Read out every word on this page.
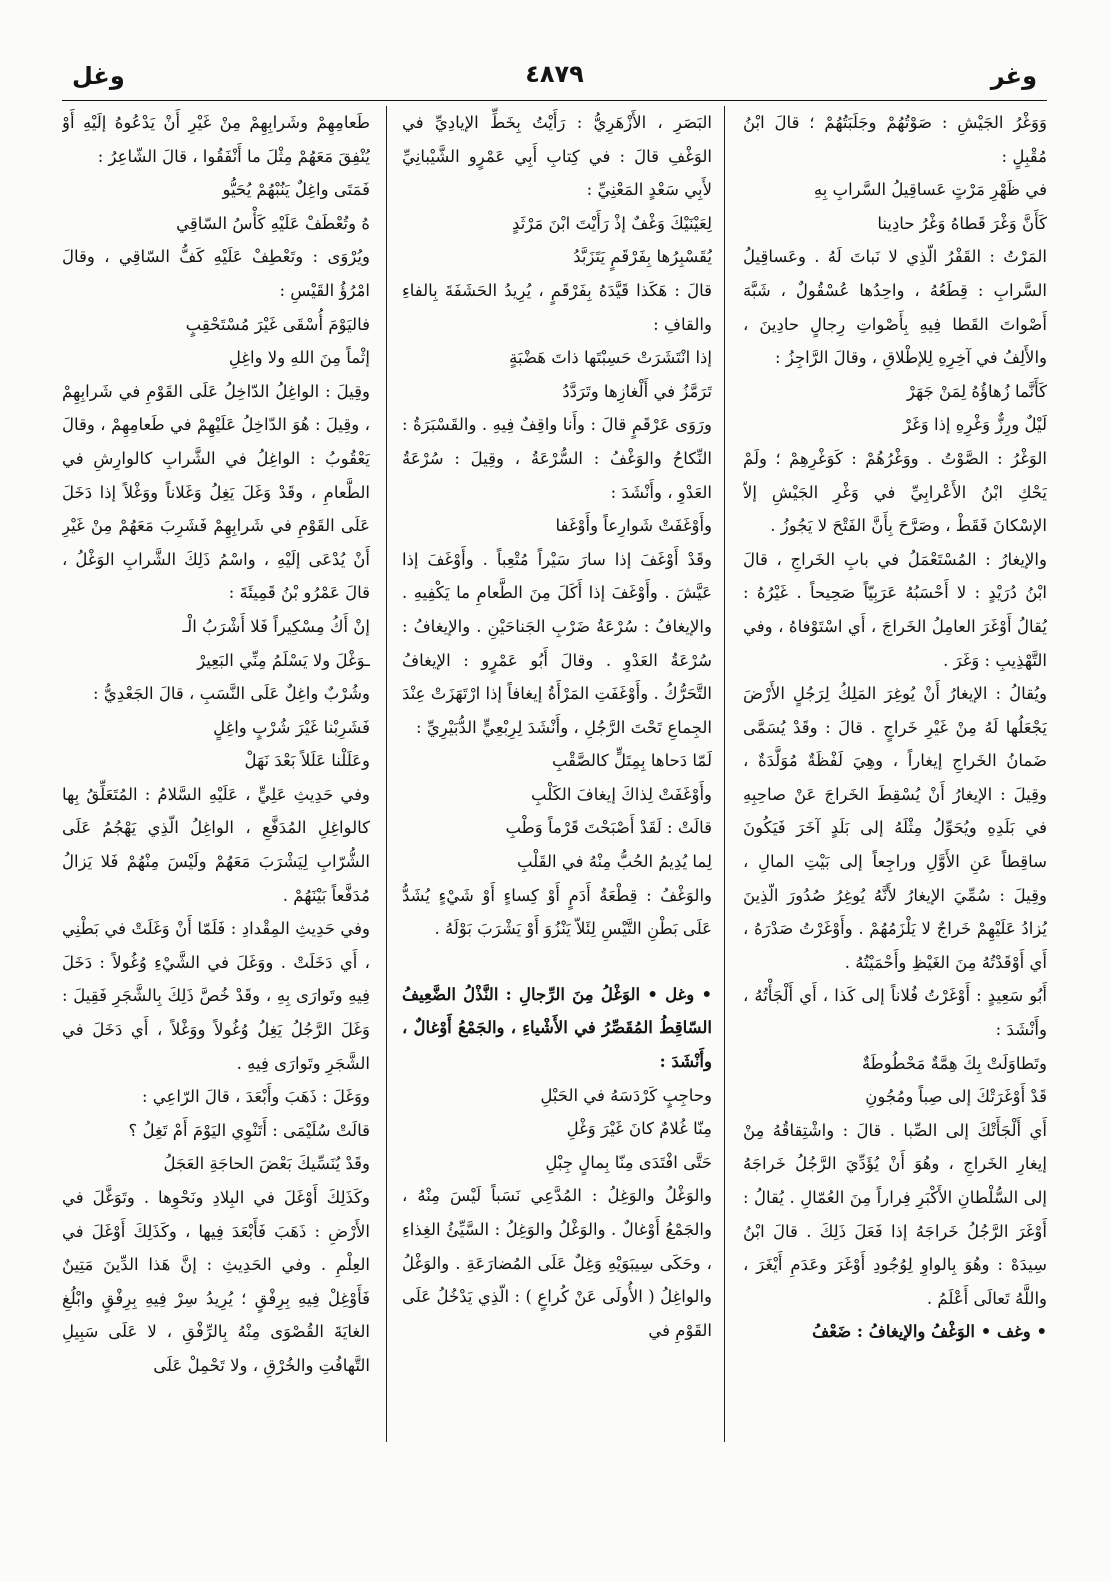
وغل	٤٨٧٩	وغر

وَوَغْرُ الجَيْشِ : صَوْتُهُمْ وجَلَبَتُهُمْ ؛ قالَ ابْنُ مُقْبِلٍ :

في ظَهْرِ مَرْتٍ عَساقِيلُ السَّرابِ بِهِ

كَأَنَّ وَغْرَ قَطاهُ وَغْرُ حادِينا

المَرْتُ : القَفْرُ الّذِي لا نَباتَ لَهُ . وعَساقِيلُ السَّرابِ : قِطَعُهُ ، واحِدُها عُسْقُولٌ ، شَبَّهَ أَصْواتَ القَطا فِيهِ بِأَصْواتِ رِجالٍ حادِينَ ، والأَلِفُ في آخِرِهِ لِلإطْلاقِ ، وقالَ الرَّاجِزُ :

كَأَنَّما زُهاؤُهُ لِمَنْ جَهَرْ

لَيْلٌ ورِزٌّ وَغْرِهِ إذا وَغَرْ

الوَغْرُ : الصَّوْتُ . ووَغْرُهُمْ : كَوَغْرِهِمْ ؛ ولَمْ يَحْكِ ابْنُ الأَعْرابِيِّ في وَغْرِ الجَيْشِ إلاّ الإسْكانَ فَقَطْ ، وصَرَّحَ بِأَنَّ الفَتْحَ لا يَجُوزُ .

والإيغارُ : المُسْتَعْمَلُ في بابِ الخَراجِ ، قالَ ابْنُ دُرَيْدٍ : لا أَحْسَبُهُ عَرَبِيّاً صَحِيحاً . غَيْرُهُ : يُقالُ أَوْغَرَ العامِلُ الخَراجَ ، أَي اسْتَوْفاهُ ، وفي التَّهْذِيبِ : وَغَرَ .

ويُقالُ : الإيغارُ أَنْ يُوغِرَ المَلِكُ لِرَجُلٍ الأَرْضَ يَجْعَلُها لَهُ مِنْ غَيْرِ خَراجٍ . قالَ : وقَدْ يُسَمَّى ضَمانُ الخَراجِ إيغاراً ، وهِيَ لَفْظَةٌ مُوَلَّدَةٌ ، وقِيلَ : الإيغارُ أَنْ يُسْقِطَ الخَراجَ عَنْ صاحِبِهِ في بَلَدِهِ ويُحَوِّلُ مِثْلَهُ إلى بَلَدٍ آخَرَ فَيَكُونَ ساقِطاً عَنِ الأَوَّلِ وراجِعاً إلى بَيْتِ المالِ ، وقِيلَ : سُمِّيَ الإيغارُ لأَنَّهُ يُوغِرُ صُدُورَ الّذِينَ يُزادُ عَلَيْهِمْ خَراجٌ لا يَلْزَمُهُمْ . وأَوْغَرْتُ صَدْرَهُ ، أَي أَوْقَدْتُهُ مِنَ الغَيْظِ وأَحْمَيْتُهُ .

أَبُو سَعِيدٍ : أَوْغَرْتُ فُلاناً إلى كَذا ، أَي أَلْجَأْتُهُ ، وأَنْشَدَ :

وتَطاوَلَتْ بِكَ هِمَّةٌ مَحْطُوطَةٌ

قَدْ أَوْغَرَتْكَ إلى صِباً ومُجُونِ

أَي أَلْجَأَتْكَ إلى الصِّبا . قالَ : واشْتِقاقُهُ مِنْ إيغارِ الخَراجِ ، وهُوَ أَنْ يُؤَدِّيَ الرَّجُلُ خَراجَهُ إلى السُّلْطانِ الأَكْبَرِ فِراراً مِنَ العُمّالِ . يُقالُ : أَوْغَرَ الرَّجُلُ خَراجَهُ إذا فَعَلَ ذَلِكَ . قالَ ابْنُ سِيدَهْ : وهُوَ بِالواوِ لِوُجُودِ أَوْغَرَ وعَدَمِ أَيْغَرَ ، واللَّهُ تَعالَى أَعْلَمُ .

• وغف • الوَغْفُ والإيغافُ : ضَعْفُ

البَصَرِ ، الأَزْهَرِيُّ : رَأَيْتُ بِخَطِّ الإيادِيِّ في الوَغْفِ قالَ : في كِتابِ أَبِي عَمْرٍو الشَّيْبانِيِّ لأَبِي سَعْدٍ المَعْنِيِّ :

لِعَيْنَيْكَ وَغْفٌ إذْ رَأَيْتَ ابْنَ مَرْثَدٍ

يُقَسْبِرُها بِفَرْقَمٍ يَتَزَبَّدُ

قالَ : هَكَذا قَيَّدَهُ بِفَرْقَمٍ ، يُرِيدُ الحَشَفَةَ بِالفاءِ والقافِ :

إذا انْتَشَرَتْ حَسِبْتَها ذاتَ هَضْبَةٍ

تَرَمَّزُ في أَلْغازِها وتَرَدَّدُ

ورَوَى عَرْقَمٍ قالَ : وأَنا واقِفٌ فِيهِ . والقَسْبَرَةُ : النِّكاحُ والوَغْفُ : السُّرْعَةُ ، وقِيلَ : سُرْعَةُ العَدْوِ ، وأَنْشَدَ :

وأَوْغَفَتْ شَوارِعاً وأَوْغَفا

وقَدْ أَوْغَفَ إذا سارَ سَيْراً مُتْعِباً . وأَوْغَفَ إذا عَيَّشَ . وأَوْغَفَ إذا أَكَلَ مِنَ الطَّعامِ ما يَكْفِيهِ . والإيغافُ : سُرْعَةُ ضَرْبِ الجَناحَيْنِ . والإيغافُ : سُرْعَةُ العَدْوِ . وقالَ أَبُو عَمْرٍو : الإيغافُ التَّحَرُّكُ . وأَوْغَفَتِ المَرْأَةُ إيغافاً إذا ارْتَهَزَتْ عِنْدَ الجِماعِ تَحْتَ الرَّجُلِ ، وأَنْشَدَ لِرِبْعِيٍّ الدُّبَيْرِيِّ :

لَمّا دَحاها بِمِتَلٍّ كالصَّقْبِ

وأَوْغَفَتْ لِذاكَ إيغافَ الكَلْبِ

قالَتْ : لَقَدْ أَصْبَحْتَ قَرْماً وَطْبِ

لِما يُدِيمُ الحُبُّ مِنْهُ في القَلْبِ

والوَغْفُ : قِطْعَةُ أَدَمٍ أَوْ كِساءٍ أَوْ شَيْءٍ يُشَدُّ عَلَى بَطْنِ التَّيْسِ لِئَلاّ يَنْزُوَ أَوْ يَشْرَبَ بَوْلَهُ .

• وغل • الوَغْلُ مِنَ الرِّجالِ : النَّذْلُ الضَّعِيفُ السّاقِطُ المُقَصِّرُ في الأَشْياءِ ، والجَمْعُ أَوْغالٌ ، وأَنْشَدَ :

وحاجِبٍ كَرْدَسَهُ في الحَبْلِ

مِنّا غُلامٌ كانَ غَيْرَ وَغْلِ

حَتَّى افْتَدَى مِنّا بِمالٍ جِبْلِ

والوَغْلُ والوَغِلُ : المُدَّعِي نَسَباً لَيْسَ مِنْهُ ، والجَمْعُ أَوْغالٌ . والوَغْلُ والوَغِلُ : السَّيِّئُ الغِذاءِ ، وحَكَى سِيبَوَيْهِ وَغِلٌ عَلَى المُضارَعَةِ . والوَغْلُ والواغِلُ ( الأُولَى عَنْ كُراعٍ ) : الّذِي يَدْخُلُ عَلَى القَوْمِ في

طَعامِهِمْ وشَرابِهِمْ مِنْ غَيْرِ أَنْ يَدْعُوهُ إلَيْهِ أَوْ يُنْفِقَ مَعَهُمْ مِثْلَ ما أَنْفَقُوا ، قالَ الشّاعِرُ :

فَمَتَى واغِلٌ يَنُبْهُمْ يُحَيُّو

هُ وتُعْطَفْ عَلَيْهِ كَأْسُ السّاقِي

ويُرْوَى : وتَعْطِفْ عَلَيْهِ كَفُّ السّاقِي ، وقالَ امْرُؤُ القَيْسِ :

فاليَوْمَ أُسْقَى غَيْرَ مُسْتَحْقِبٍ

إثْماً مِنَ اللهِ ولا واغِلِ

وقِيلَ : الواغِلُ الدّاخِلُ عَلَى القَوْمِ في شَرابِهِمْ ، وقِيلَ : هُوَ الدّاخِلُ عَلَيْهِمْ في طَعامِهِمْ ، وقالَ يَعْقُوبُ : الواغِلُ في الشَّرابِ كالوارِشِ في الطَّعامِ ، وقَدْ وَغَلَ يَغِلُ وَغَلاناً ووَغْلاً إذا دَخَلَ عَلَى القَوْمِ في شَرابِهِمْ فَشَرِبَ مَعَهُمْ مِنْ غَيْرِ أَنْ يُدْعَى إلَيْهِ ، واسْمُ ذَلِكَ الشَّرابِ الوَغْلُ ، قالَ عَمْرُو بْنُ قَمِيئَةَ :

إنْ أَكُ مِسْكِيراً فَلا أَشْرَبُ الْـ

ـوَغْلَ ولا يَسْلَمُ مِنِّي البَعِيرْ

وشُرْبٌ واغِلٌ عَلَى النَّسَبِ ، قالَ الجَعْدِيُّ :

فَشَرِبْنا غَيْرَ شُرْبٍ واغِلٍ

وعَلَلْنا عَلَلاً بَعْدَ نَهَلْ

وفي حَدِيثِ عَلِيٍّ ، عَلَيْهِ السَّلامُ : المُتَعَلِّقُ بِها كالواغِلِ المُدَفَّعِ ، الواغِلُ الّذِي يَهْجُمُ عَلَى الشُّرّابِ لِيَشْرَبَ مَعَهُمْ ولَيْسَ مِنْهُمْ فَلا يَزالُ مُدَفَّعاً بَيْنَهُمْ .

وفي حَدِيثِ المِقْدادِ : فَلَمّا أَنْ وَغَلَتْ في بَطْنِي ، أَي دَخَلَتْ . ووَغَلَ في الشَّيْءِ وُغُولاً : دَخَلَ فِيهِ وتَوارَى بِهِ ، وقَدْ خُصَّ ذَلِكَ بِالشَّجَرِ فَقِيلَ : وَغَلَ الرَّجُلُ يَغِلُ وُغُولاً ووَغْلاً ، أَي دَخَلَ في الشَّجَرِ وتَوارَى فِيهِ .

ووَغَلَ : ذَهَبَ وأَبْعَدَ ، قالَ الرّاعِي :

قالَتْ سُلَيْمَى : أَتَنْوِي اليَوْمَ أَمْ تَغِلُ ؟

وقَدْ يُنَسِّيكَ بَعْضَ الحاجَةِ العَجَلُ

وكَذَلِكَ أَوْغَلَ في البِلادِ ونَحْوِها . وتَوَغَّلَ في الأَرْضِ : ذَهَبَ فَأَبْعَدَ فِيها ، وكَذَلِكَ أَوْغَلَ في العِلْمِ . وفي الحَدِيثِ : إنَّ هَذا الدِّينَ مَتِينٌ فَأَوْغِلْ فِيهِ بِرِفْقٍ ؛ يُرِيدُ سِرْ فِيهِ بِرِفْقٍ وابْلُغِ الغايَةَ القُصْوَى مِنْهُ بِالرِّفْقِ ، لا عَلَى سَبِيلِ التَّهافُتِ والخُرْقِ ، ولا تَحْمِلْ عَلَى
